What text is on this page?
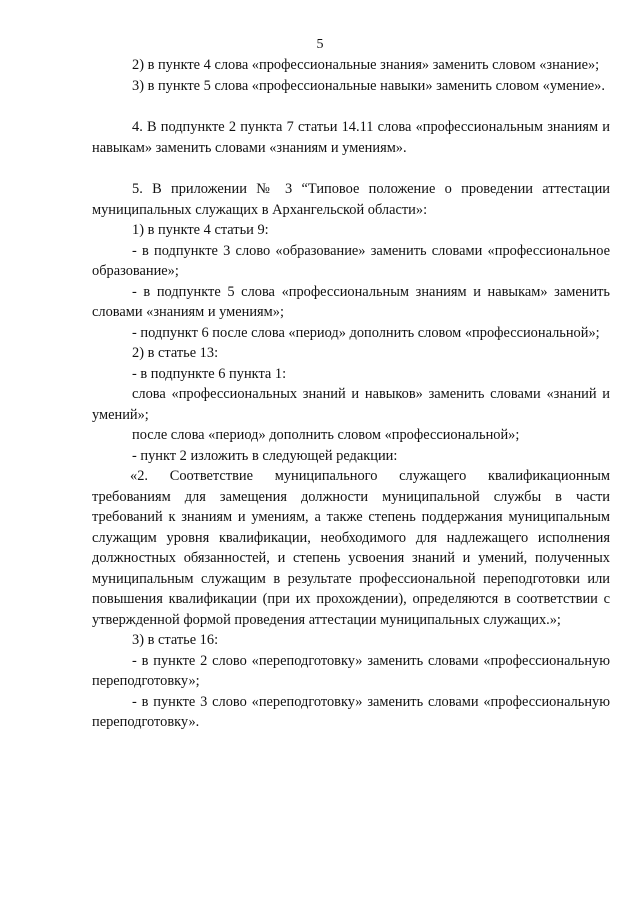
5

2) в пункте 4 слова «профессиональные знания» заменить словом «знание»;

3) в пункте 5 слова «профессиональные навыки» заменить словом «умение».

4. В подпункте 2 пункта 7 статьи 14.11 слова «профессиональным знаниям и навыкам» заменить словами «знаниям и умениям».

5. В приложении № 3 “Типовое положение о проведении аттестации муниципальных служащих в Архангельской области»:

1) в пункте 4 статьи 9:

- в подпункте 3 слово «образование» заменить словами «профессиональное образование»;

- в подпункте 5 слова «профессиональным знаниям и навыкам» заменить словами «знаниям и умениям»;

- подпункт 6 после слова «период» дополнить словом «профессиональной»;

2) в статье 13:

- в подпункте 6 пункта 1:

слова «профессиональных знаний и навыков» заменить словами «знаний и умений»;

после слова «период» дополнить словом «профессиональной»;

- пункт 2 изложить в следующей редакции:

«2. Соответствие муниципального служащего квалификационным требованиям для замещения должности муниципальной службы в части требований к знаниям и умениям, а также степень поддержания муниципальным служащим уровня квалификации, необходимого для надлежащего исполнения должностных обязанностей, и степень усвоения знаний и умений, полученных муниципальным служащим в результате профессиональной переподготовки или повышения квалификации (при их прохождении), определяются в соответствии с утвержденной формой проведения аттестации муниципальных служащих.»;

3) в статье 16:

- в пункте 2 слово «переподготовку» заменить словами «профессиональную переподготовку»;

- в пункте 3 слово «переподготовку» заменить словами «профессиональную переподготовку».
